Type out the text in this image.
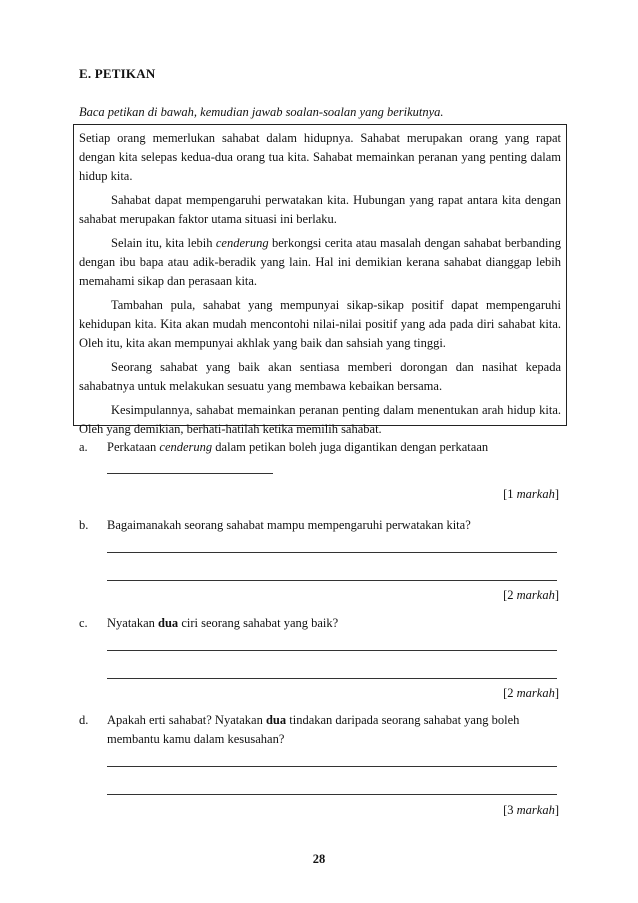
E. PETIKAN
Baca petikan di bawah, kemudian jawab soalan-soalan yang berikutnya.

Setiap orang memerlukan sahabat dalam hidupnya. Sahabat merupakan orang yang rapat dengan kita selepas kedua-dua orang tua kita. Sahabat memainkan peranan yang penting dalam hidup kita.

Sahabat dapat mempengaruhi perwatakan kita. Hubungan yang rapat antara kita dengan sahabat merupakan faktor utama situasi ini berlaku.

Selain itu, kita lebih cenderung berkongsi cerita atau masalah dengan sahabat berbanding dengan ibu bapa atau adik-beradik yang lain. Hal ini demikian kerana sahabat dianggap lebih memahami sikap dan perasaan kita.

Tambahan pula, sahabat yang mempunyai sikap-sikap positif dapat mempengaruhi kehidupan kita. Kita akan mudah mencontohi nilai-nilai positif yang ada pada diri sahabat kita. Oleh itu, kita akan mempunyai akhlak yang baik dan sahsiah yang tinggi.

Seorang sahabat yang baik akan sentiasa memberi dorongan dan nasihat kepada sahabatnya untuk melakukan sesuatu yang membawa kebaikan bersama.

Kesimpulannya, sahabat memainkan peranan penting dalam menentukan arah hidup kita. Oleh yang demikian, berhati-hatilah ketika memilih sahabat.

a. Perkataan cenderung dalam petikan boleh juga digantikan dengan perkataan
[1 markah]
b. Bagaimanakah seorang sahabat mampu mempengaruhi perwatakan kita?
[2 markah]
c. Nyatakan dua ciri seorang sahabat yang baik?
[2 markah]
d. Apakah erti sahabat? Nyatakan dua tindakan daripada seorang sahabat yang boleh membantu kamu dalam kesusahan?
[3 markah]
28
